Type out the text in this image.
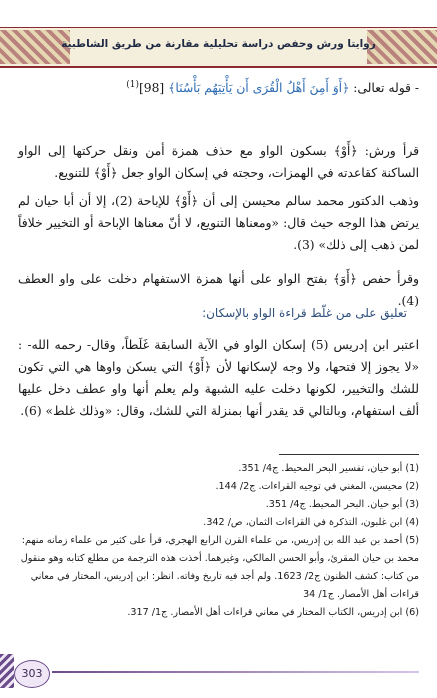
روايتا ورش وحفص دراسة تحليلية مقارنة من طريق الشاطبية
- قوله تعالى: ﴿أَوَ أَمِنَ أَهْلُ الْقُرَى أَن يَأْتِيَهُم بَأْسُنَا﴾ [98]$^{(1)}$
قرأ ورش: ﴿أَوْ﴾ بسكون الواو مع حذف همزة أمن ونقل حركتها إلى الواو الساكنة كقاعدته في الهمزات، وحجته في إسكان الواو جعل ﴿أَوْ﴾ للتنويع.
وذهب الدكتور محمد سالم محيسن إلى أن ﴿أَوْ﴾ للإباحة (2)، إلا أن أبا حيان لم يرتض هذا الوجه حيث قال: «ومعناها التنويع، لا أنّ معناها الإباحة أو التخيير خلافاً لمن ذهب إلى ذلك» (3).
وقرأ حفص ﴿أَوَ﴾ بفتح الواو على أنها همزة الاستفهام دخلت على واو العطف (4).
تعليق على من غلّط قراءة الواو بالإسكان:
اعتبر ابن إدريس (5) إسكان الواو في الآية السابقة غَلَطاً، وقال- رحمه الله- : «لا يجوز إلا فتحها، ولا وجه لإسكانها لأن ﴿أَوْ﴾ التي يسكن واوها هي التي تكون للشك والتخيير، لكونها دخلت عليه الشبهة ولم يعلم أنها واو عطف دخل عليها ألف استفهام، وبالتالي قد يقدر أنها بمنزلة التي للشك، وقال: «وذلك غلط» (6).
(1) أبو حيان، تفسير البحر المحيط. ج4/ 351.
(2) محيسن، المغني في توجيه القراءات. ج2/ 144.
(3) أبو حيان. البحر المحيط. ج4/ 351.
(4) ابن غلبون، التذكرة في القراءات الثمان، ص/ 342.
(5) أحمد بن عبد الله بن إدريس، من علماء القرن الرابع الهجري، قرأ على كثير من علماء زمانه منهم: محمد بن حيان المقرئ، وأبو الحسن المالكي، وغيرهما. أخذت هذه الترجمة من مطلع كتابه وهو منقول من كتاب: كشف الظنون ج2/ 1623. ولم أجد فيه تاريخ وفاته. انظر: ابن إدريس، المختار في معاني قراءات أهل الأمصار. ج1/ 34
(6) ابن إدريس، الكتاب المختار في معاني قراءات أهل الأمصار. ج1/ 317.
303
